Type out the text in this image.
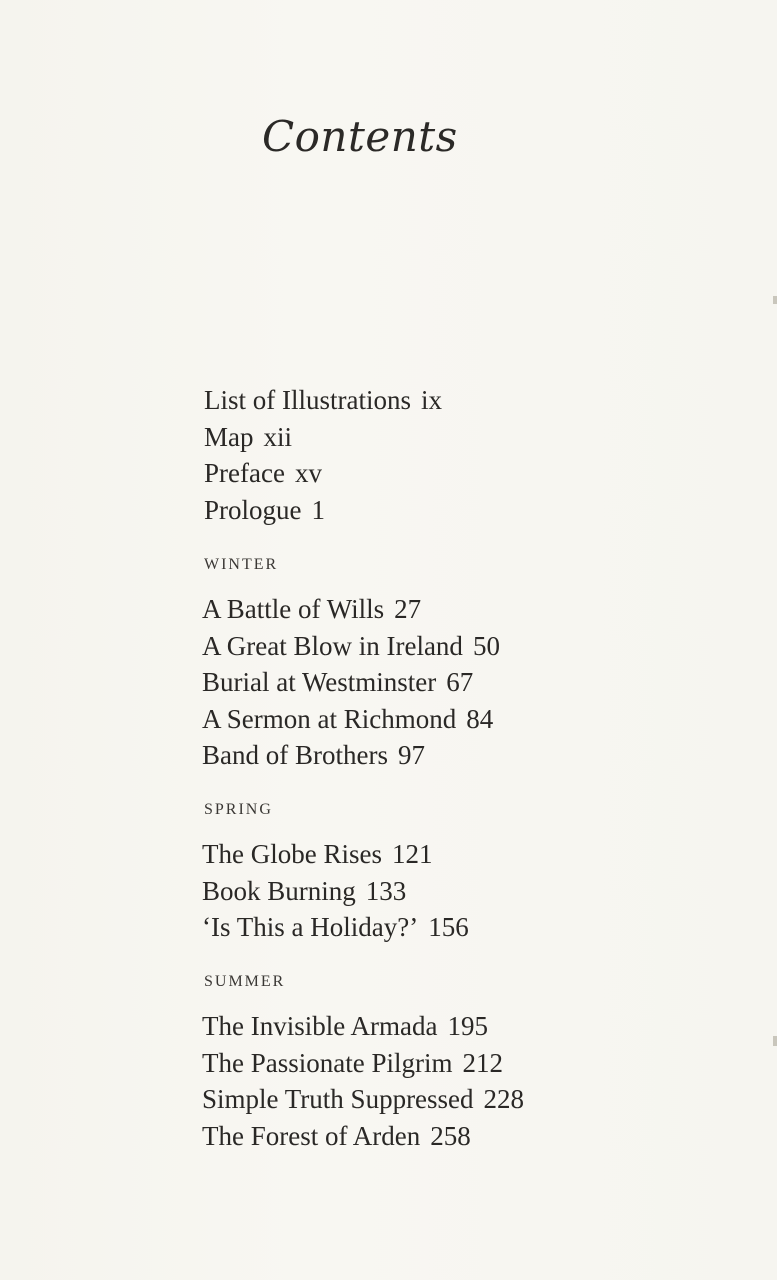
Contents
List of Illustrations ix
Map xii
Preface xv
Prologue 1
WINTER
A Battle of Wills 27
A Great Blow in Ireland 50
Burial at Westminster 67
A Sermon at Richmond 84
Band of Brothers 97
SPRING
The Globe Rises 121
Book Burning 133
‘Is This a Holiday?’ 156
SUMMER
The Invisible Armada 195
The Passionate Pilgrim 212
Simple Truth Suppressed 228
The Forest of Arden 258
